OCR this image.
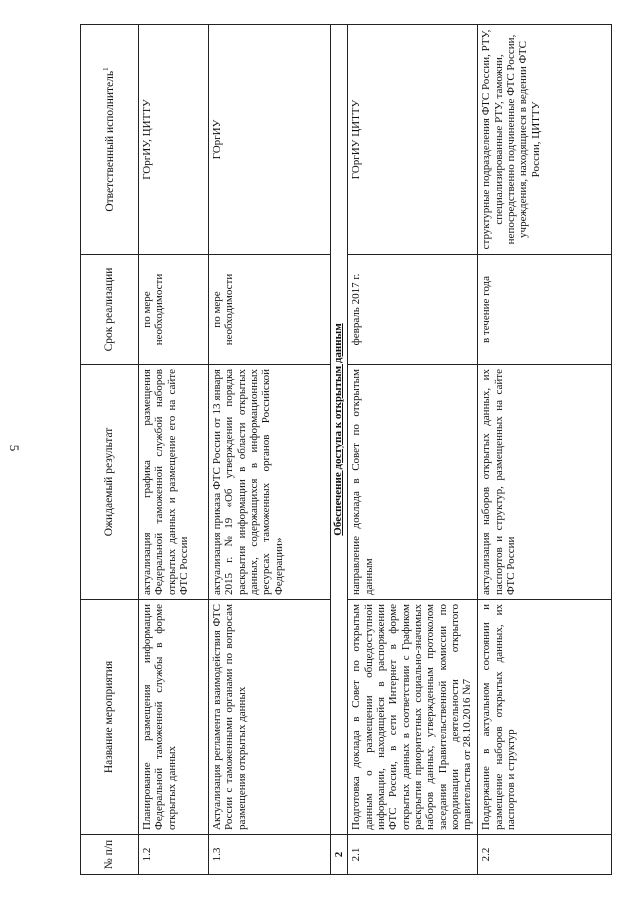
5
№ п/п	Название мероприятия	Ожидаемый результат	Срок реализации	Ответственный исполнитель$^1$
1.2	Планирование размещения информации Федеральной таможенной службы в форме открытых данных	актуализация графика размещения Федеральной таможенной службой наборов открытых данных и размещение его на сайте ФТС России	по мере необходимости	ГОргИУ, ЦИТТУ
1.3	Актуализация регламента взаимодействия ФТС России с таможенными органами по вопросам размещения открытых данных	актуализация приказа ФТС России от 13 января 2015 г. №19 «Об утверждении порядка раскрытия информации в области открытых данных, содержащихся в информационных ресурсах таможенных органов Российской Федерации»	по мере необходимости	ГОргИУ
2	Обеспечение доступа к открытым данным			
2.1	Подготовка доклада в Совет по открытым данным о размещении общедоступной информации, находящейся в распоряжении ФТС России, в сети Интернет в форме открытых данных в соответствии с Графиком раскрытия приоритетных социально-значимых наборов данных, утвержденным протоколом заседания Правительственной комиссии по координации деятельности открытого правительства от 28.10.2016 №7	направление доклада в Совет по открытым данным	февраль 2017 г.	ГОргИУ ЦИТТУ
2.2	Поддержание в актуальном состоянии и размещение наборов открытых данных, их паспортов и структур	актуализация наборов открытых данных, их паспортов и структур, размещенных на сайте ФТС России	в течение года	структурные подразделения ФТС России, РТУ, специализированные РТУ, таможни, непосредственно подчиненные ФТС России, учреждения, находящиеся в ведении ФТС России, ЦИТТУ
